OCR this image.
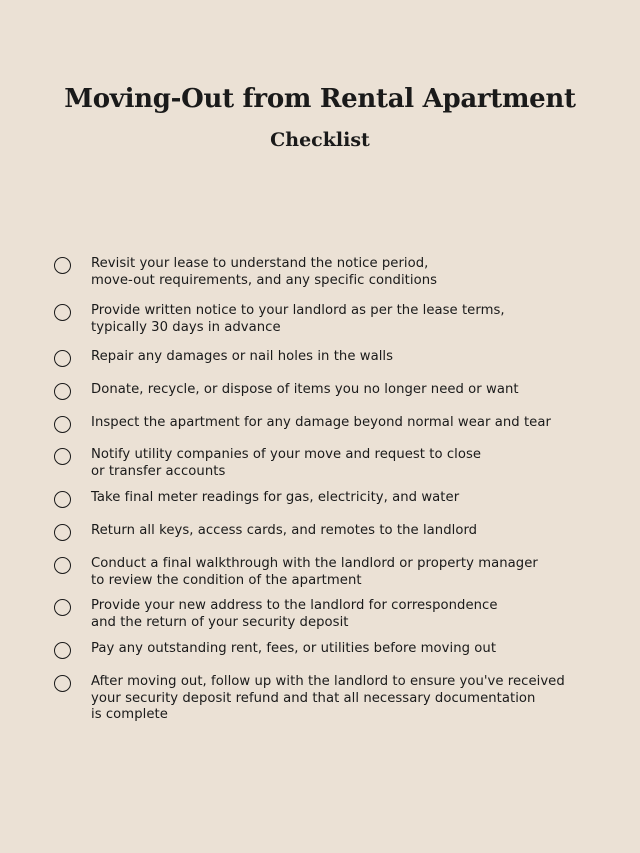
Moving-Out from Rental Apartment
Checklist
Revisit your lease to understand the notice period,
move-out requirements, and any specific conditions
Provide written notice to your landlord as per the lease terms,
typically 30 days in advance
Repair any damages or nail holes in the walls
Donate, recycle, or dispose of items you no longer need or want
Inspect the apartment for any damage beyond normal wear and tear
Notify utility companies of your move and request to close
or transfer accounts
Take final meter readings for gas, electricity, and water
Return all keys, access cards, and remotes to the landlord
Conduct a final walkthrough with the landlord or property manager
to review the condition of the apartment
Provide your new address to the landlord for correspondence
and the return of your security deposit
Pay any outstanding rent, fees, or utilities before moving out
After moving out, follow up with the landlord to ensure you've received
your security deposit refund and that all necessary documentation
is complete
